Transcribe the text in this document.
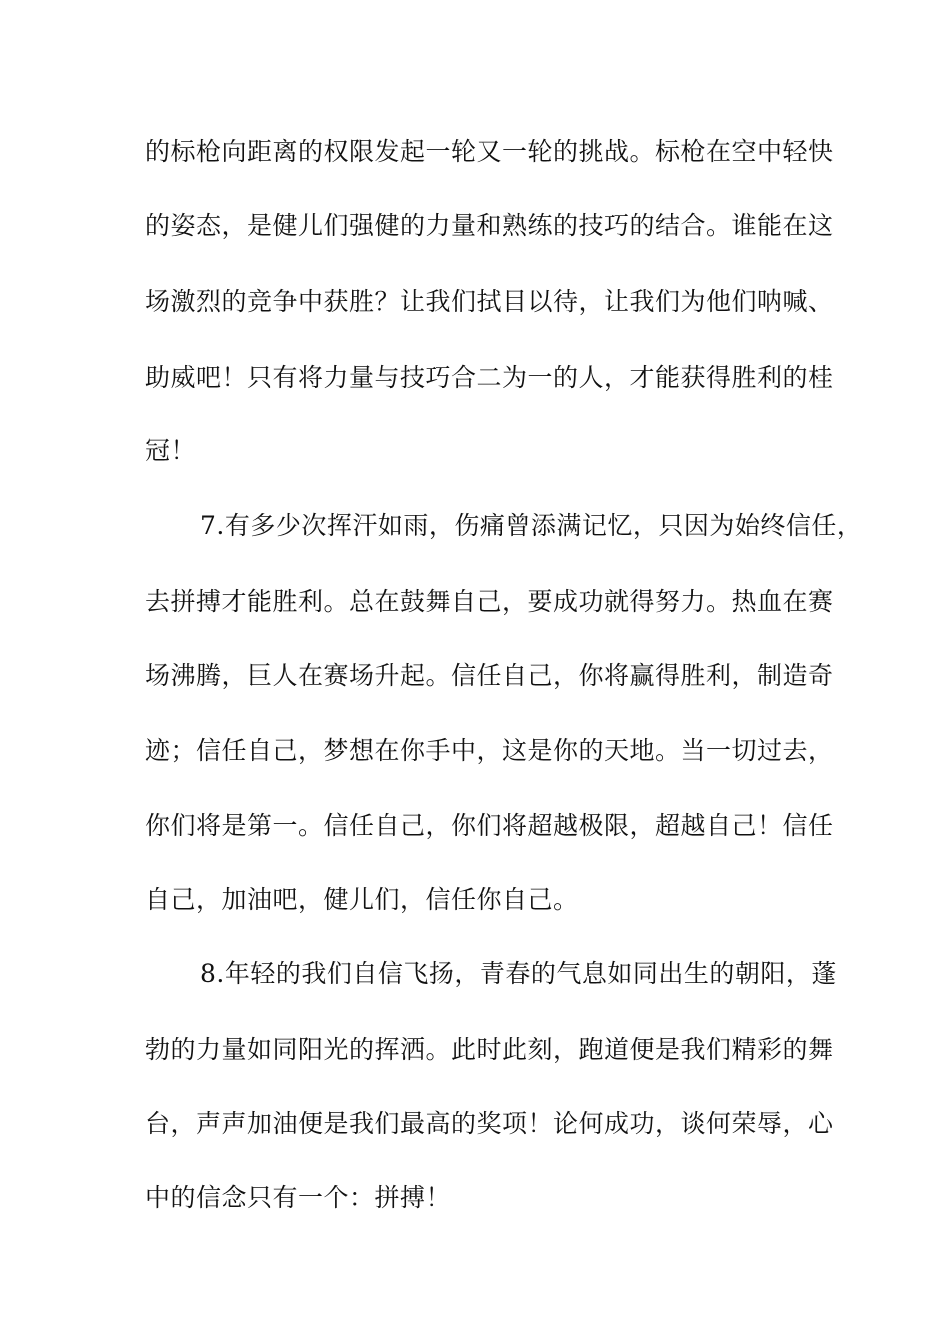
的标枪向距离的权限发起一轮又一轮的挑战。标枪在空中轻快
的姿态，是健儿们强健的力量和熟练的技巧的结合。谁能在这
场激烈的竞争中获胜？让我们拭目以待，让我们为他们呐喊、
助威吧！只有将力量与技巧合二为一的人，才能获得胜利的桂
冠！
7.有多少次挥汗如雨，伤痛曾添满记忆，只因为始终信任，
去拼搏才能胜利。总在鼓舞自己，要成功就得努力。热血在赛
场沸腾，巨人在赛场升起。信任自己，你将赢得胜利，制造奇
迹；信任自己，梦想在你手中，这是你的天地。当一切过去，
你们将是第一。信任自己，你们将超越极限，超越自己！信任
自己，加油吧，健儿们，信任你自己。
8.年轻的我们自信飞扬，青春的气息如同出生的朝阳，蓬
勃的力量如同阳光的挥洒。此时此刻，跑道便是我们精彩的舞
台，声声加油便是我们最高的奖项！论何成功，谈何荣辱，心
中的信念只有一个：拼搏！
